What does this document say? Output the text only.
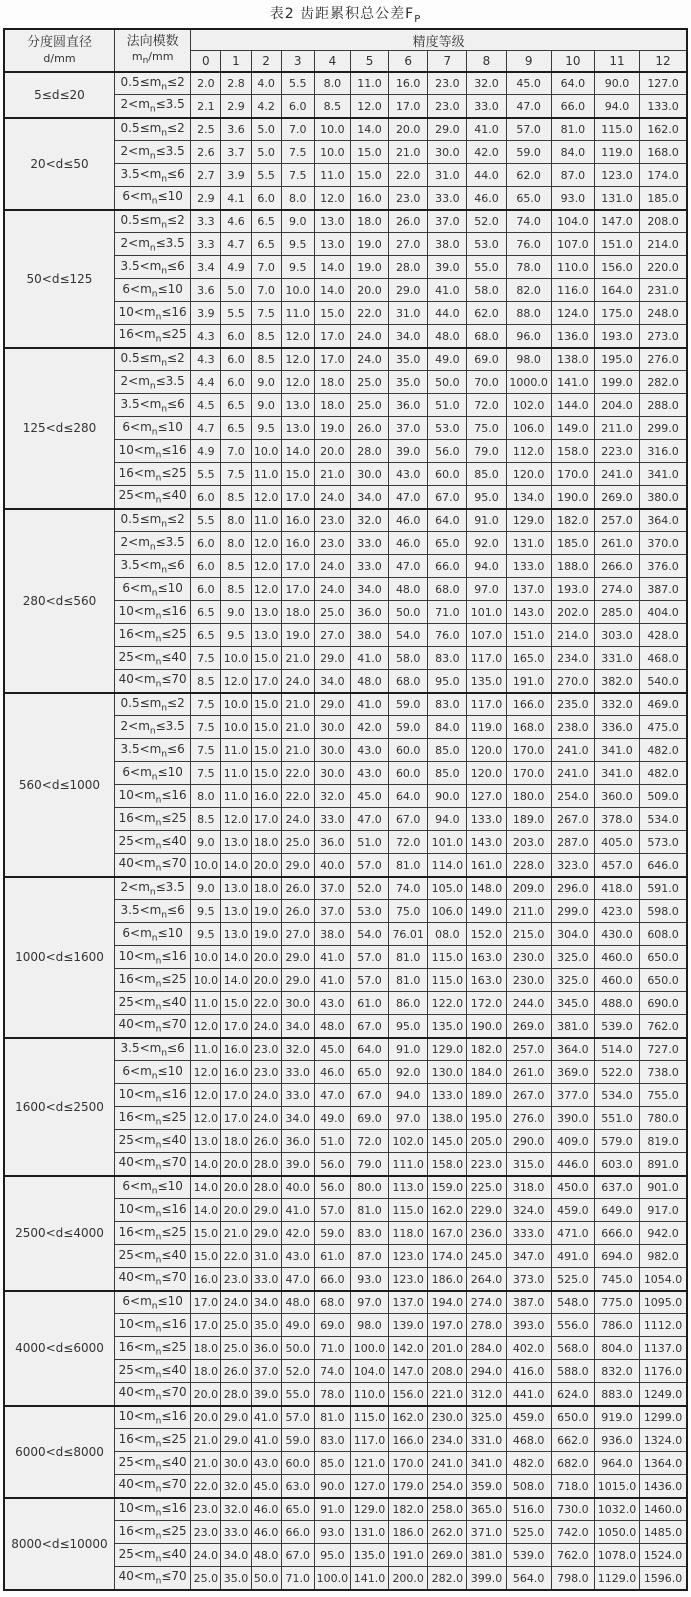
表2 齿距累积总公差$F_P$
分度圆直径
d/mm

法向模数
$m_n/mm$
	精度等级
		0	1	2	3	4	5	6	7	8	9	10	11	12
5≤d≤20	$0.5\le m_n\le 2$	2.0	2.8	4.0	5.5	8.0	11.0	16.0	23.0	32.0	45.0	64.0	90.0	127.0
	$2<m_n\le 3.5$	2.1	2.9	4.2	6.0	8.5	12.0	17.0	23.0	33.0	47.0	66.0	94.0	133.0
20<d≤50	$0.5\le m_n\le 2$	2.5	3.6	5.0	7.0	10.0	14.0	20.0	29.0	41.0	57.0	81.0	115.0	162.0
	$2<m_n\le 3.5$	2.6	3.7	5.0	7.5	10.0	15.0	21.0	30.0	42.0	59.0	84.0	119.0	168.0
	$3.5<m_n\le 6$	2.7	3.9	5.5	7.5	11.0	15.0	22.0	31.0	44.0	62.0	87.0	123.0	174.0
	$6<m_n\le 10$	2.9	4.1	6.0	8.0	12.0	16.0	23.0	33.0	46.0	65.0	93.0	131.0	185.0
50<d≤125	$0.5\le m_n\le 2$	3.3	4.6	6.5	9.0	13.0	18.0	26.0	37.0	52.0	74.0	104.0	147.0	208.0
	$2<m_n\le 3.5$	3.3	4.7	6.5	9.5	13.0	19.0	27.0	38.0	53.0	76.0	107.0	151.0	214.0
	$3.5<m_n\le 6$	3.4	4.9	7.0	9.5	14.0	19.0	28.0	39.0	55.0	78.0	110.0	156.0	220.0
	$6<m_n\le 10$	3.6	5.0	7.0	10.0	14.0	20.0	29.0	41.0	58.0	82.0	116.0	164.0	231.0
	$10<m_n\le 16$	3.9	5.5	7.5	11.0	15.0	22.0	31.0	44.0	62.0	88.0	124.0	175.0	248.0
	$16<m_n\le 25$	4.3	6.0	8.5	12.0	17.0	24.0	34.0	48.0	68.0	96.0	136.0	193.0	273.0
125<d≤280	$0.5\le m_n\le 2$	4.3	6.0	8.5	12.0	17.0	24.0	35.0	49.0	69.0	98.0	138.0	195.0	276.0
	$2<m_n\le 3.5$	4.4	6.0	9.0	12.0	18.0	25.0	35.0	50.0	70.0	1000.0	141.0	199.0	282.0
	$3.5<m_n\le 6$	4.5	6.5	9.0	13.0	18.0	25.0	36.0	51.0	72.0	102.0	144.0	204.0	288.0
	$6<m_n\le 10$	4.7	6.5	9.5	13.0	19.0	26.0	37.0	53.0	75.0	106.0	149.0	211.0	299.0
	$10<m_n\le 16$	4.9	7.0	10.0	14.0	20.0	28.0	39.0	56.0	79.0	112.0	158.0	223.0	316.0
	$16<m_n\le 25$	5.5	7.5	11.0	15.0	21.0	30.0	43.0	60.0	85.0	120.0	170.0	241.0	341.0
	$25<m_n\le 40$	6.0	8.5	12.0	17.0	24.0	34.0	47.0	67.0	95.0	134.0	190.0	269.0	380.0
280<d≤560	$0.5\le m_n\le 2$	5.5	8.0	11.0	16.0	23.0	32.0	46.0	64.0	91.0	129.0	182.0	257.0	364.0
	$2<m_n\le 3.5$	6.0	8.0	12.0	16.0	23.0	33.0	46.0	65.0	92.0	131.0	185.0	261.0	370.0
	$3.5<m_n\le 6$	6.0	8.5	12.0	17.0	24.0	33.0	47.0	66.0	94.0	133.0	188.0	266.0	376.0
	$6<m_n\le 10$	6.0	8.5	12.0	17.0	24.0	34.0	48.0	68.0	97.0	137.0	193.0	274.0	387.0
	$10<m_n\le 16$	6.5	9.0	13.0	18.0	25.0	36.0	50.0	71.0	101.0	143.0	202.0	285.0	404.0
	$16<m_n\le 25$	6.5	9.5	13.0	19.0	27.0	38.0	54.0	76.0	107.0	151.0	214.0	303.0	428.0
	$25<m_n\le 40$	7.5	10.0	15.0	21.0	29.0	41.0	58.0	83.0	117.0	165.0	234.0	331.0	468.0
	$40<m_n\le 70$	8.5	12.0	17.0	24.0	34.0	48.0	68.0	95.0	135.0	191.0	270.0	382.0	540.0
560<d≤1000	$0.5\le m_n\le 2$	7.5	10.0	15.0	21.0	29.0	41.0	59.0	83.0	117.0	166.0	235.0	332.0	469.0
	$2<m_n\le 3.5$	7.5	10.0	15.0	21.0	30.0	42.0	59.0	84.0	119.0	168.0	238.0	336.0	475.0
	$3.5<m_n\le 6$	7.5	11.0	15.0	21.0	30.0	43.0	60.0	85.0	120.0	170.0	241.0	341.0	482.0
	$6<m_n\le 10$	7.5	11.0	15.0	22.0	30.0	43.0	60.0	85.0	120.0	170.0	241.0	341.0	482.0
	$10<m_n\le 16$	8.0	11.0	16.0	22.0	32.0	45.0	64.0	90.0	127.0	180.0	254.0	360.0	509.0
	$16<m_n\le 25$	8.5	12.0	17.0	24.0	33.0	47.0	67.0	94.0	133.0	189.0	267.0	378.0	534.0
	$25<m_n\le 40$	9.0	13.0	18.0	25.0	36.0	51.0	72.0	101.0	143.0	203.0	287.0	405.0	573.0
	$40<m_n\le 70$	10.0	14.0	20.0	29.0	40.0	57.0	81.0	114.0	161.0	228.0	323.0	457.0	646.0
1000<d≤1600	$2<m_n\le 3.5$	9.0	13.0	18.0	26.0	37.0	52.0	74.0	105.0	148.0	209.0	296.0	418.0	591.0
	$3.5<m_n\le 6$	9.5	13.0	19.0	26.0	37.0	53.0	75.0	106.0	149.0	211.0	299.0	423.0	598.0
	$6<m_n\le 10$	9.5	13.0	19.0	27.0	38.0	54.0	76.01	08.0	152.0	215.0	304.0	430.0	608.0
	$10<m_n\le 16$	10.0	14.0	20.0	29.0	41.0	57.0	81.0	115.0	163.0	230.0	325.0	460.0	650.0
	$16<m_n\le 25$	10.0	14.0	20.0	29.0	41.0	57.0	81.0	115.0	163.0	230.0	325.0	460.0	650.0
	$25<m_n\le 40$	11.0	15.0	22.0	30.0	43.0	61.0	86.0	122.0	172.0	244.0	345.0	488.0	690.0
	$40<m_n\le 70$	12.0	17.0	24.0	34.0	48.0	67.0	95.0	135.0	190.0	269.0	381.0	539.0	762.0
1600<d≤2500	$3.5<m_n\le 6$	11.0	16.0	23.0	32.0	45.0	64.0	91.0	129.0	182.0	257.0	364.0	514.0	727.0
	$6<m_n\le 10$	12.0	16.0	23.0	33.0	46.0	65.0	92.0	130.0	184.0	261.0	369.0	522.0	738.0
	$10<m_n\le 16$	12.0	17.0	24.0	33.0	47.0	67.0	94.0	133.0	189.0	267.0	377.0	534.0	755.0
	$16<m_n\le 25$	12.0	17.0	24.0	34.0	49.0	69.0	97.0	138.0	195.0	276.0	390.0	551.0	780.0
	$25<m_n\le 40$	13.0	18.0	26.0	36.0	51.0	72.0	102.0	145.0	205.0	290.0	409.0	579.0	819.0
	$40<m_n\le 70$	14.0	20.0	28.0	39.0	56.0	79.0	111.0	158.0	223.0	315.0	446.0	603.0	891.0
2500<d≤4000	$6<m_n\le 10$	14.0	20.0	28.0	40.0	56.0	80.0	113.0	159.0	225.0	318.0	450.0	637.0	901.0
	$10<m_n\le 16$	14.0	20.0	29.0	41.0	57.0	81.0	115.0	162.0	229.0	324.0	459.0	649.0	917.0
	$16<m_n\le 25$	15.0	21.0	29.0	42.0	59.0	83.0	118.0	167.0	236.0	333.0	471.0	666.0	942.0
	$25<m_n\le 40$	15.0	22.0	31.0	43.0	61.0	87.0	123.0	174.0	245.0	347.0	491.0	694.0	982.0
	$40<m_n\le 70$	16.0	23.0	33.0	47.0	66.0	93.0	123.0	186.0	264.0	373.0	525.0	745.0	1054.0
4000<d≤6000	$6<m_n\le 10$	17.0	24.0	34.0	48.0	68.0	97.0	137.0	194.0	274.0	387.0	548.0	775.0	1095.0
	$10<m_n\le 16$	17.0	25.0	35.0	49.0	69.0	98.0	139.0	197.0	278.0	393.0	556.0	786.0	1112.0
	$16<m_n\le 25$	18.0	25.0	36.0	50.0	71.0	100.0	142.0	201.0	284.0	402.0	568.0	804.0	1137.0
	$25<m_n\le 40$	18.0	26.0	37.0	52.0	74.0	104.0	147.0	208.0	294.0	416.0	588.0	832.0	1176.0
	$40<m_n\le 70$	20.0	28.0	39.0	55.0	78.0	110.0	156.0	221.0	312.0	441.0	624.0	883.0	1249.0
6000<d≤8000	$10<m_n\le 16$	20.0	29.0	41.0	57.0	81.0	115.0	162.0	230.0	325.0	459.0	650.0	919.0	1299.0
	$16<m_n\le 25$	21.0	29.0	41.0	59.0	83.0	117.0	166.0	234.0	331.0	468.0	662.0	936.0	1324.0
	$25<m_n\le 40$	21.0	30.0	43.0	60.0	85.0	121.0	170.0	241.0	341.0	482.0	682.0	964.0	1364.0
	$40<m_n\le 70$	22.0	32.0	45.0	63.0	90.0	127.0	179.0	254.0	359.0	508.0	718.0	1015.0	1436.0
8000<d≤10000	$10<m_n\le 16$	23.0	32.0	46.0	65.0	91.0	129.0	182.0	258.0	365.0	516.0	730.0	1032.0	1460.0
	$16<m_n\le 25$	23.0	33.0	46.0	66.0	93.0	131.0	186.0	262.0	371.0	525.0	742.0	1050.0	1485.0
	$25<m_n\le 40$	24.0	34.0	48.0	67.0	95.0	135.0	191.0	269.0	381.0	539.0	762.0	1078.0	1524.0
	$40<m_n\le 70$	25.0	35.0	50.0	71.0	100.0	141.0	200.0	282.0	399.0	564.0	798.0	1129.0	1596.0
